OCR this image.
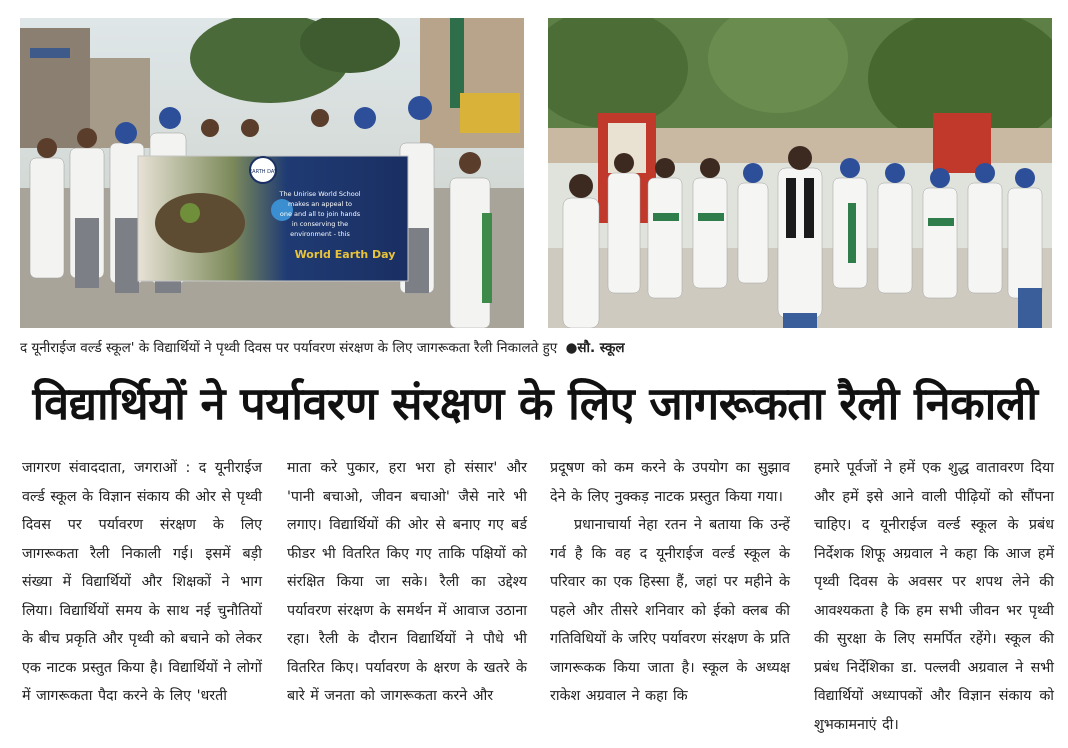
EARTH DAY
The Unirise World School
makes an appeal to
one and all to join hands
in conserving the
environment - this
World Earth Day
द यूनीराईज वर्ल्ड स्कूल' के विद्यार्थियों ने पृथ्वी दिवस पर पर्यावरण संरक्षण के लिए जागरूकता रैली निकालते हुए ●सौ. स्कूल
विद्यार्थियों ने पर्यावरण संरक्षण के लिए जागरूकता रैली निकाली

जागरण संवाददाता, जगराओं : द यूनीराईज वर्ल्ड स्कूल के विज्ञान संकाय की ओर से पृथ्वी दिवस पर पर्यावरण संरक्षण के लिए जागरूकता रैली निकाली गई। इसमें बड़ी संख्या में विद्यार्थियों और शिक्षकों ने भाग लिया। विद्यार्थियों समय के साथ नई चुनौतियों के बीच प्रकृति और पृथ्वी को बचाने को लेकर एक नाटक प्रस्तुत किया है। विद्यार्थियों ने लोगों में जागरूकता पैदा करने के लिए 'धरती

माता करे पुकार, हरा भरा हो संसार' और 'पानी बचाओ, जीवन बचाओ' जैसे नारे भी लगाए। विद्यार्थियों की ओर से बनाए गए बर्ड फीडर भी वितरित किए गए ताकि पक्षियों को संरक्षित किया जा सके। रैली का उद्देश्य पर्यावरण संरक्षण के समर्थन में आवाज उठाना रहा। रैली के दौरान विद्यार्थियों ने पौधे भी वितरित किए। पर्यावरण के क्षरण के खतरे के बारे में जनता को जागरूकता करने और

प्रदूषण को कम करने के उपयोग का सुझाव देने के लिए नुक्कड़ नाटक प्रस्तुत किया गया।

प्रधानाचार्या नेहा रतन ने बताया कि उन्हें गर्व है कि वह द यूनीराईज वर्ल्ड स्कूल के परिवार का एक हिस्सा हैं, जहां पर महीने के पहले और तीसरे शनिवार को ईको क्लब की गतिविधियों के जरिए पर्यावरण संरक्षण के प्रति जागरूकक किया जाता है। स्कूल के अध्यक्ष राकेश अग्रवाल ने कहा कि

हमारे पूर्वजों ने हमें एक शुद्ध वातावरण दिया और हमें इसे आने वाली पीढ़ियों को सौंपना चाहिए। द यूनीराईज वर्ल्ड स्कूल के प्रबंध निर्देशक शिफू अग्रवाल ने कहा कि आज हमें पृथ्वी दिवस के अवसर पर शपथ लेने की आवश्यकता है कि हम सभी जीवन भर पृथ्वी की सुरक्षा के लिए समर्पित रहेंगे। स्कूल की प्रबंध निर्देशिका डा. पल्लवी अग्रवाल ने सभी विद्यार्थियों अध्यापकों और विज्ञान संकाय को शुभकामनाएं दी।
